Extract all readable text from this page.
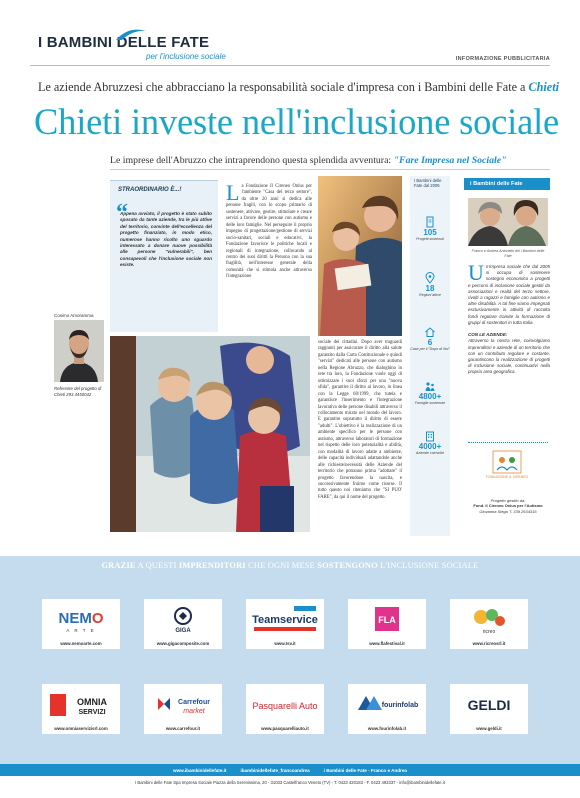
I BAMBINI DELLE FATE
per l'inclusione sociale	INFORMAZIONE PUBBLICITARIA
Le aziende Abruzzesi che abbracciano la responsabilità sociale d'impresa con i Bambini delle Fate a Chieti
Chieti investe nell'inclusione sociale
Le imprese dell'Abruzzo che intraprendono questa splendida avventura: "Fare Impresa nel Sociale"
STRAORDINARIO È...!
“
Appena avviato, il progetto è stato subito sposato da tante aziende, tra le più attive del territorio, convinte dell'eccellenza del progetto finanziato, in modo etico, numerose hanno ricolto uno sguardo interessato a donare nuove possibilità alle persone "vulnerabili", ben consapevoli che l'inclusione sociale non esiste.
Cosimo Amoramma
Referente del progetto di Chieti 393 4450042
La Fondazione Il Cireneo Onlus per l'ambiente "Casa del terzo settore", da oltre 20 anni si dedica alle persone fragili, con lo scopo primario di sostenere, attivare, gestire, stimolare e creare servizi a favore delle persone con autismo e delle loro famiglie. Nel perseguire il proprio impegno di progettazione/gestione di servizi socio-sanitari, sociali e educativi, la Fondazione favorisce le politiche locali e regionali di integrazione, collocando al centro dei suoi diritti la Persona con la sua fragilità, nell'interesse generale della comunità che si stimola anche attraverso l'integrazione
sociale dei cittadini. Dopo aver traguardi raggiunti per assicurare il diritto alla salute garantito dalla Carta Costituzionale e quindi "servizi" dedicati alle persone con autismo nella Regione Abruzzo, che dialoghino in rete tra loro, la Fondazione vuole oggi di ottimizzare i suoi sforzi per una "nuova sfida", garantire il diritto al lavoro, in linea con la Legge 68/1999, che tutela e garantisce l'inserimento e l'integrazione lavorativa delle persone disabili attraverso il collocamento mirato nel mondo del lavoro. E garantire sopratutto il diritto di essere "adulti". L'obiettivo è la realizzazione di un ambiente specifico per le persone con autismo, attraverso laboratori di formazione nel rispetto delle loro potenzialità e abilità, con modalità di lavoro adatte a ambiente, delle capacità individuali adattandole anche alle richieste/necessità delle Aziende del territorio che potranno prima "adottare" il progetto favorendone la nascita, e successivamente fruirne come risorse. Il tutto questo noi riteniamo che "SI PUO' FARE", da qui il nome del progetto.
I Bambini delle Fate dal 2005
105
Progetti sostenuti
18
Regioni attive
6
Case per il "Dopo di Noi"
4800+
Famiglie sostenute
4000+
Aziende coinvolte
i Bambini delle Fate
Franco e Andrea Antonello dei i Bambini delle Fate
Un'impresa sociale che dal 2005 si occupa di sostenere sostegno economico a progetti e percorsi di inclusione sociale gestiti da associazioni e realtà del terzo settore, rivolti a ragazzi e famiglie con autismo e altre disabilità. A tal fine siamo impegnati esclusivamente in attività di raccolta fondi regolare tramite la formazione di gruppi di sostenitori in tutta Italia.

CON LE AZIENDE:
Attraverso la nostra rete, coinvolgiamo imprenditori e aziende di un territorio che con un contributo regolare e costante, garantiscono la realizzazione di progetti di inclusione sociale, continuativi nella propria area geografica.
FONDAZIONE IL CIRENEO
Progetto gestito da:
Fond. Il Cireneo Onlus per l'Autismo
Giovanna Siega T. 339 2634316
GRAZIE A QUESTI IMPRENDITORI CHE OGNI MESE SOSTENGONO L'INCLUSIONE SOCIALE
NEMO
A R T E
www.nemoarte.com
GIGA
www.gigacomposite.com
Teamservice
www.tsv.it
FLA
www.flafestival.it
ricreo
www.ricreosrl.it
OMNIA
SERVIZI
www.omniaservizisrl.com
Carrefour
market
www.carrefour.it
Pasquarelli Auto
www.pasquarelliauto.it
fourinfolab
www.fourinfolab.it
GELDI
www.geldi.it
www.ibambinidellefate.it	ibambinidellefate_francoandrea	i Bambini delle Fate - Franco e Andrea
I Bambini delle Fate Spa Impresa Sociale Piazza della Serenissima, 20 - 31033 Castelfranco Veneto (TV) - T. 0423 420183 - F. 0423 493337 - info@ibambinidellefate.it
